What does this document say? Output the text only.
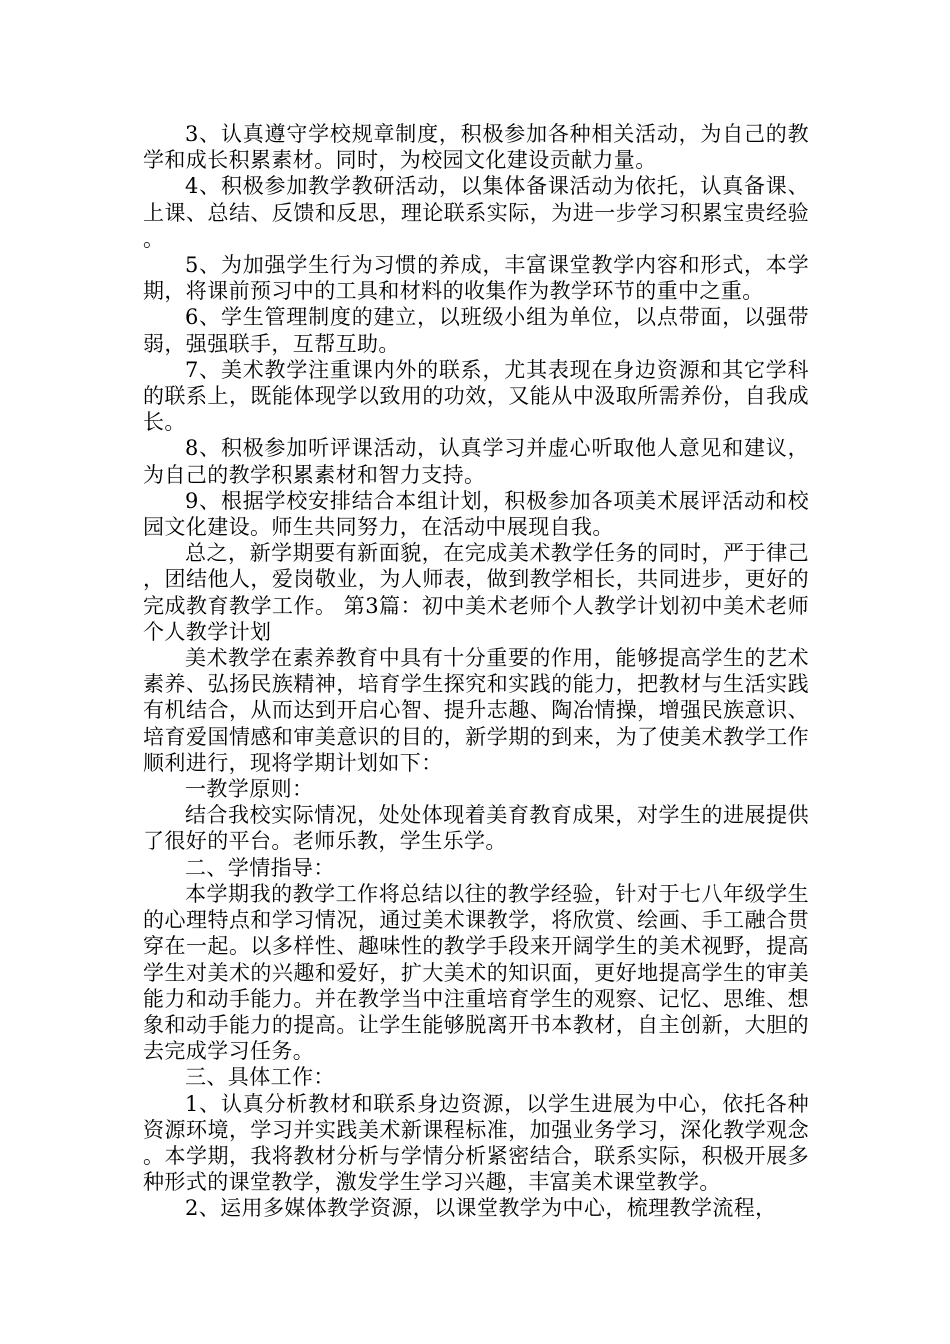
3、认真遵守学校规章制度，积极参加各种相关活动，为自己的教学和成长积累素材。同时，为校园文化建设贡献力量。

4、积极参加教学教研活动，以集体备课活动为依托，认真备课、上课、总结、反馈和反思，理论联系实际，为进一步学习积累宝贵经验。

5、为加强学生行为习惯的养成，丰富课堂教学内容和形式，本学期，将课前预习中的工具和材料的收集作为教学环节的重中之重。

6、学生管理制度的建立，以班级小组为单位，以点带面，以强带弱，强强联手，互帮互助。

7、美术教学注重课内外的联系，尤其表现在身边资源和其它学科的联系上，既能体现学以致用的功效，又能从中汲取所需养份，自我成长。

8、积极参加听评课活动，认真学习并虚心听取他人意见和建议，为自己的教学积累素材和智力支持。

9、根据学校安排结合本组计划，积极参加各项美术展评活动和校园文化建设。师生共同努力，在活动中展现自我。

总之，新学期要有新面貌，在完成美术教学任务的同时，严于律己，团结他人，爱岗敬业，为人师表，做到教学相长，共同进步，更好的完成教育教学工作。 第3篇：初中美术老师个人教学计划初中美术老师个人教学计划

美术教学在素养教育中具有十分重要的作用，能够提高学生的艺术素养、弘扬民族精神，培育学生探究和实践的能力，把教材与生活实践有机结合，从而达到开启心智、提升志趣、陶冶情操，增强民族意识、培育爱国情感和审美意识的目的，新学期的到来，为了使美术教学工作顺利进行，现将学期计划如下：

一教学原则：

结合我校实际情况，处处体现着美育教育成果，对学生的进展提供了很好的平台。老师乐教，学生乐学。

二、学情指导：

本学期我的教学工作将总结以往的教学经验，针对于七八年级学生的心理特点和学习情况，通过美术课教学，将欣赏、绘画、手工融合贯穿在一起。以多样性、趣味性的教学手段来开阔学生的美术视野，提高学生对美术的兴趣和爱好，扩大美术的知识面，更好地提高学生的审美能力和动手能力。并在教学当中注重培育学生的观察、记忆、思维、想象和动手能力的提高。让学生能够脱离开书本教材，自主创新，大胆的去完成学习任务。

三、具体工作：

1、认真分析教材和联系身边资源，以学生进展为中心，依托各种资源环境，学习并实践美术新课程标准，加强业务学习，深化教学观念。本学期，我将教材分析与学情分析紧密结合，联系实际，积极开展多种形式的课堂教学，激发学生学习兴趣，丰富美术课堂教学。

2、运用多媒体教学资源，以课堂教学为中心，梳理教学流程，
